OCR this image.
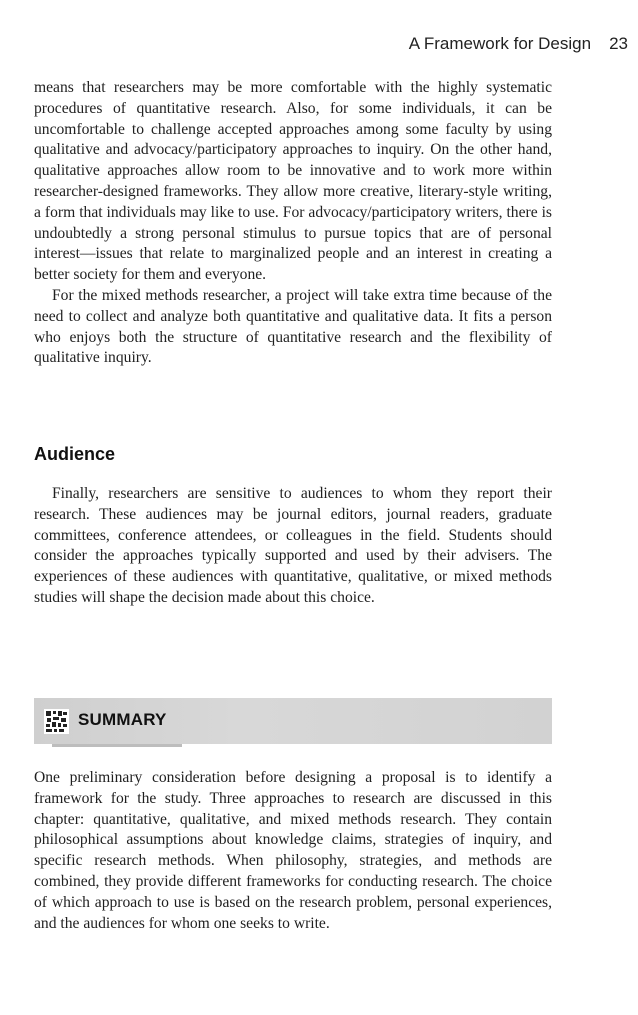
A Framework for Design 23

means that researchers may be more comfortable with the highly systematic procedures of quantitative research. Also, for some individuals, it can be uncomfortable to challenge accepted approaches among some faculty by using qualitative and advocacy/participatory approaches to inquiry. On the other hand, qualitative approaches allow room to be innovative and to work more within researcher-designed frameworks. They allow more creative, literary-style writing, a form that individuals may like to use. For advocacy/participatory writers, there is undoubtedly a strong personal stimulus to pursue topics that are of personal interest—issues that relate to marginalized people and an interest in creating a better society for them and everyone.

For the mixed methods researcher, a project will take extra time because of the need to collect and analyze both quantitative and qualitative data. It fits a person who enjoys both the structure of quantitative research and the flexibility of qualitative inquiry.

Audience

Finally, researchers are sensitive to audiences to whom they report their research. These audiences may be journal editors, journal readers, graduate committees, conference attendees, or colleagues in the field. Students should consider the approaches typically supported and used by their advisers. The experiences of these audiences with quantitative, qualitative, or mixed methods studies will shape the decision made about this choice.

SUMMARY

One preliminary consideration before designing a proposal is to identify a framework for the study. Three approaches to research are discussed in this chapter: quantitative, qualitative, and mixed methods research. They contain philosophical assumptions about knowledge claims, strategies of inquiry, and specific research methods. When philosophy, strategies, and methods are combined, they provide different frameworks for conducting research. The choice of which approach to use is based on the research problem, personal experiences, and the audiences for whom one seeks to write.
